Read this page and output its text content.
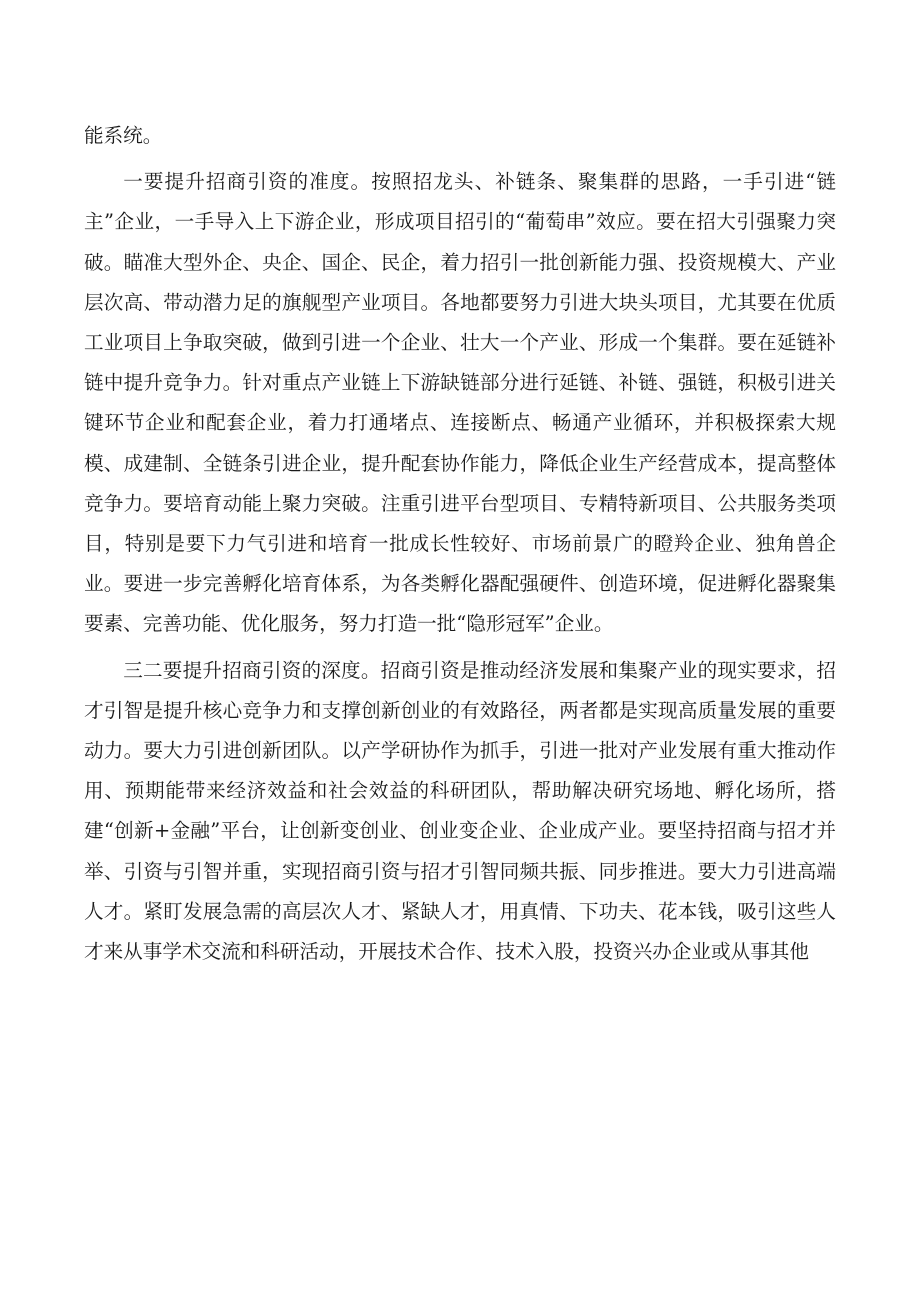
能系统。

一要提升招商引资的准度。按照招龙头、补链条、聚集群的思路，一手引进“链主”企业，一手导入上下游企业，形成项目招引的“葡萄串”效应。要在招大引强聚力突破。瞄准大型外企、央企、国企、民企，着力招引一批创新能力强、投资规模大、产业层次高、带动潜力足的旗舰型产业项目。各地都要努力引进大块头项目，尤其要在优质工业项目上争取突破，做到引进一个企业、壮大一个产业、形成一个集群。要在延链补链中提升竞争力。针对重点产业链上下游缺链部分进行延链、补链、强链，积极引进关键环节企业和配套企业，着力打通堵点、连接断点、畅通产业循环，并积极探索大规模、成建制、全链条引进企业，提升配套协作能力，降低企业生产经营成本，提高整体竞争力。要培育动能上聚力突破。注重引进平台型项目、专精特新项目、公共服务类项目，特别是要下力气引进和培育一批成长性较好、市场前景广的瞪羚企业、独角兽企业。要进一步完善孵化培育体系，为各类孵化器配强硬件、创造环境，促进孵化器聚集要素、完善功能、优化服务，努力打造一批“隐形冠军”企业。

三二要提升招商引资的深度。招商引资是推动经济发展和集聚产业的现实要求，招才引智是提升核心竞争力和支撑创新创业的有效路径，两者都是实现高质量发展的重要动力。要大力引进创新团队。以产学研协作为抓手，引进一批对产业发展有重大推动作用、预期能带来经济效益和社会效益的科研团队，帮助解决研究场地、孵化场所，搭建“创新+金融”平台，让创新变创业、创业变企业、企业成产业。要坚持招商与招才并举、引资与引智并重，实现招商引资与招才引智同频共振、同步推进。要大力引进高端人才。紧盯发展急需的高层次人才、紧缺人才，用真情、下功夫、花本钱，吸引这些人才来从事学术交流和科研活动，开展技术合作、技术入股，投资兴办企业或从事其他
